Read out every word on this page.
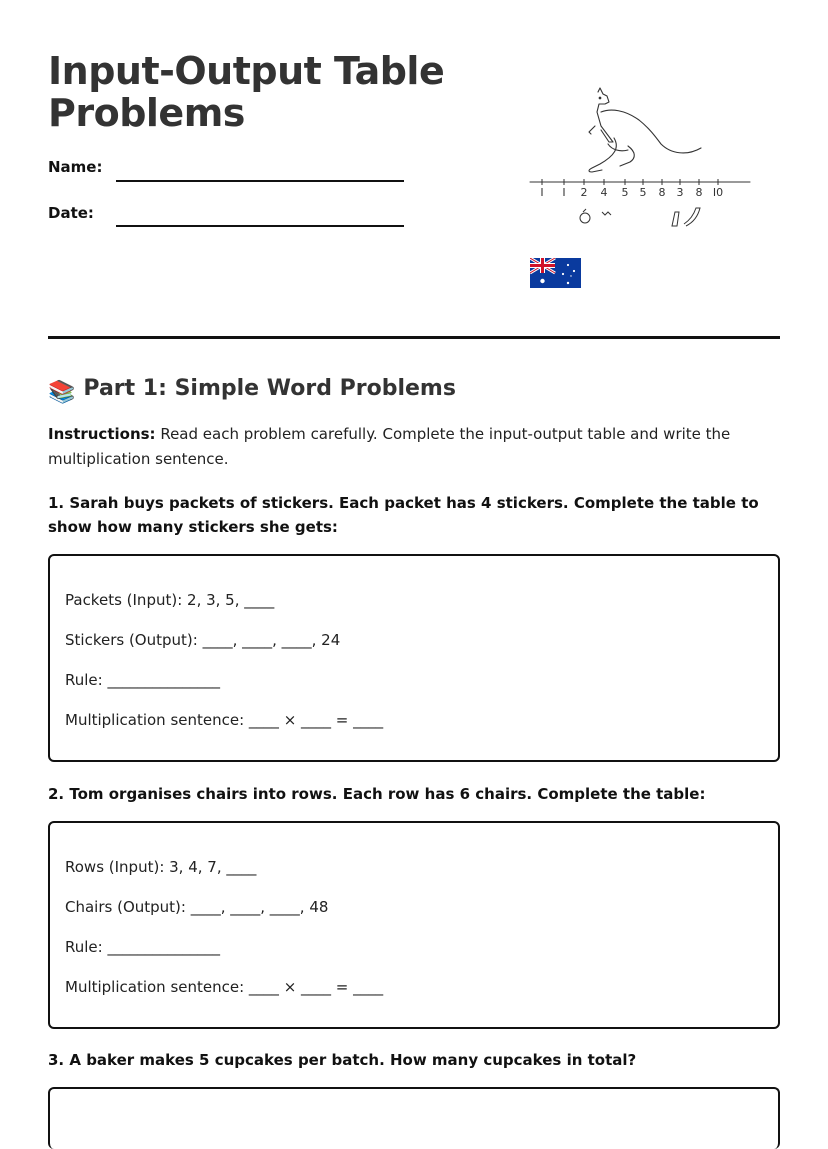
Input-Output Table
Problems
Name:
Date:
I I 2 4 5 5 8 3 8 I0
📚 Part 1: Simple Word Problems

Instructions: Read each problem carefully. Complete the input-output table and write the multiplication sentence.

1. Sarah buys packets of stickers. Each packet has 4 stickers. Complete the table to show how many stickers she gets:

Packets (Input): 2, 3, 5, ____

Stickers (Output): ____, ____, ____, 24

Rule: _______________

Multiplication sentence: ____ × ____ = ____

2. Tom organises chairs into rows. Each row has 6 chairs. Complete the table:

Rows (Input): 3, 4, 7, ____

Chairs (Output): ____, ____, ____, 48

Rule: _______________

Multiplication sentence: ____ × ____ = ____

3. A baker makes 5 cupcakes per batch. How many cupcakes in total?
